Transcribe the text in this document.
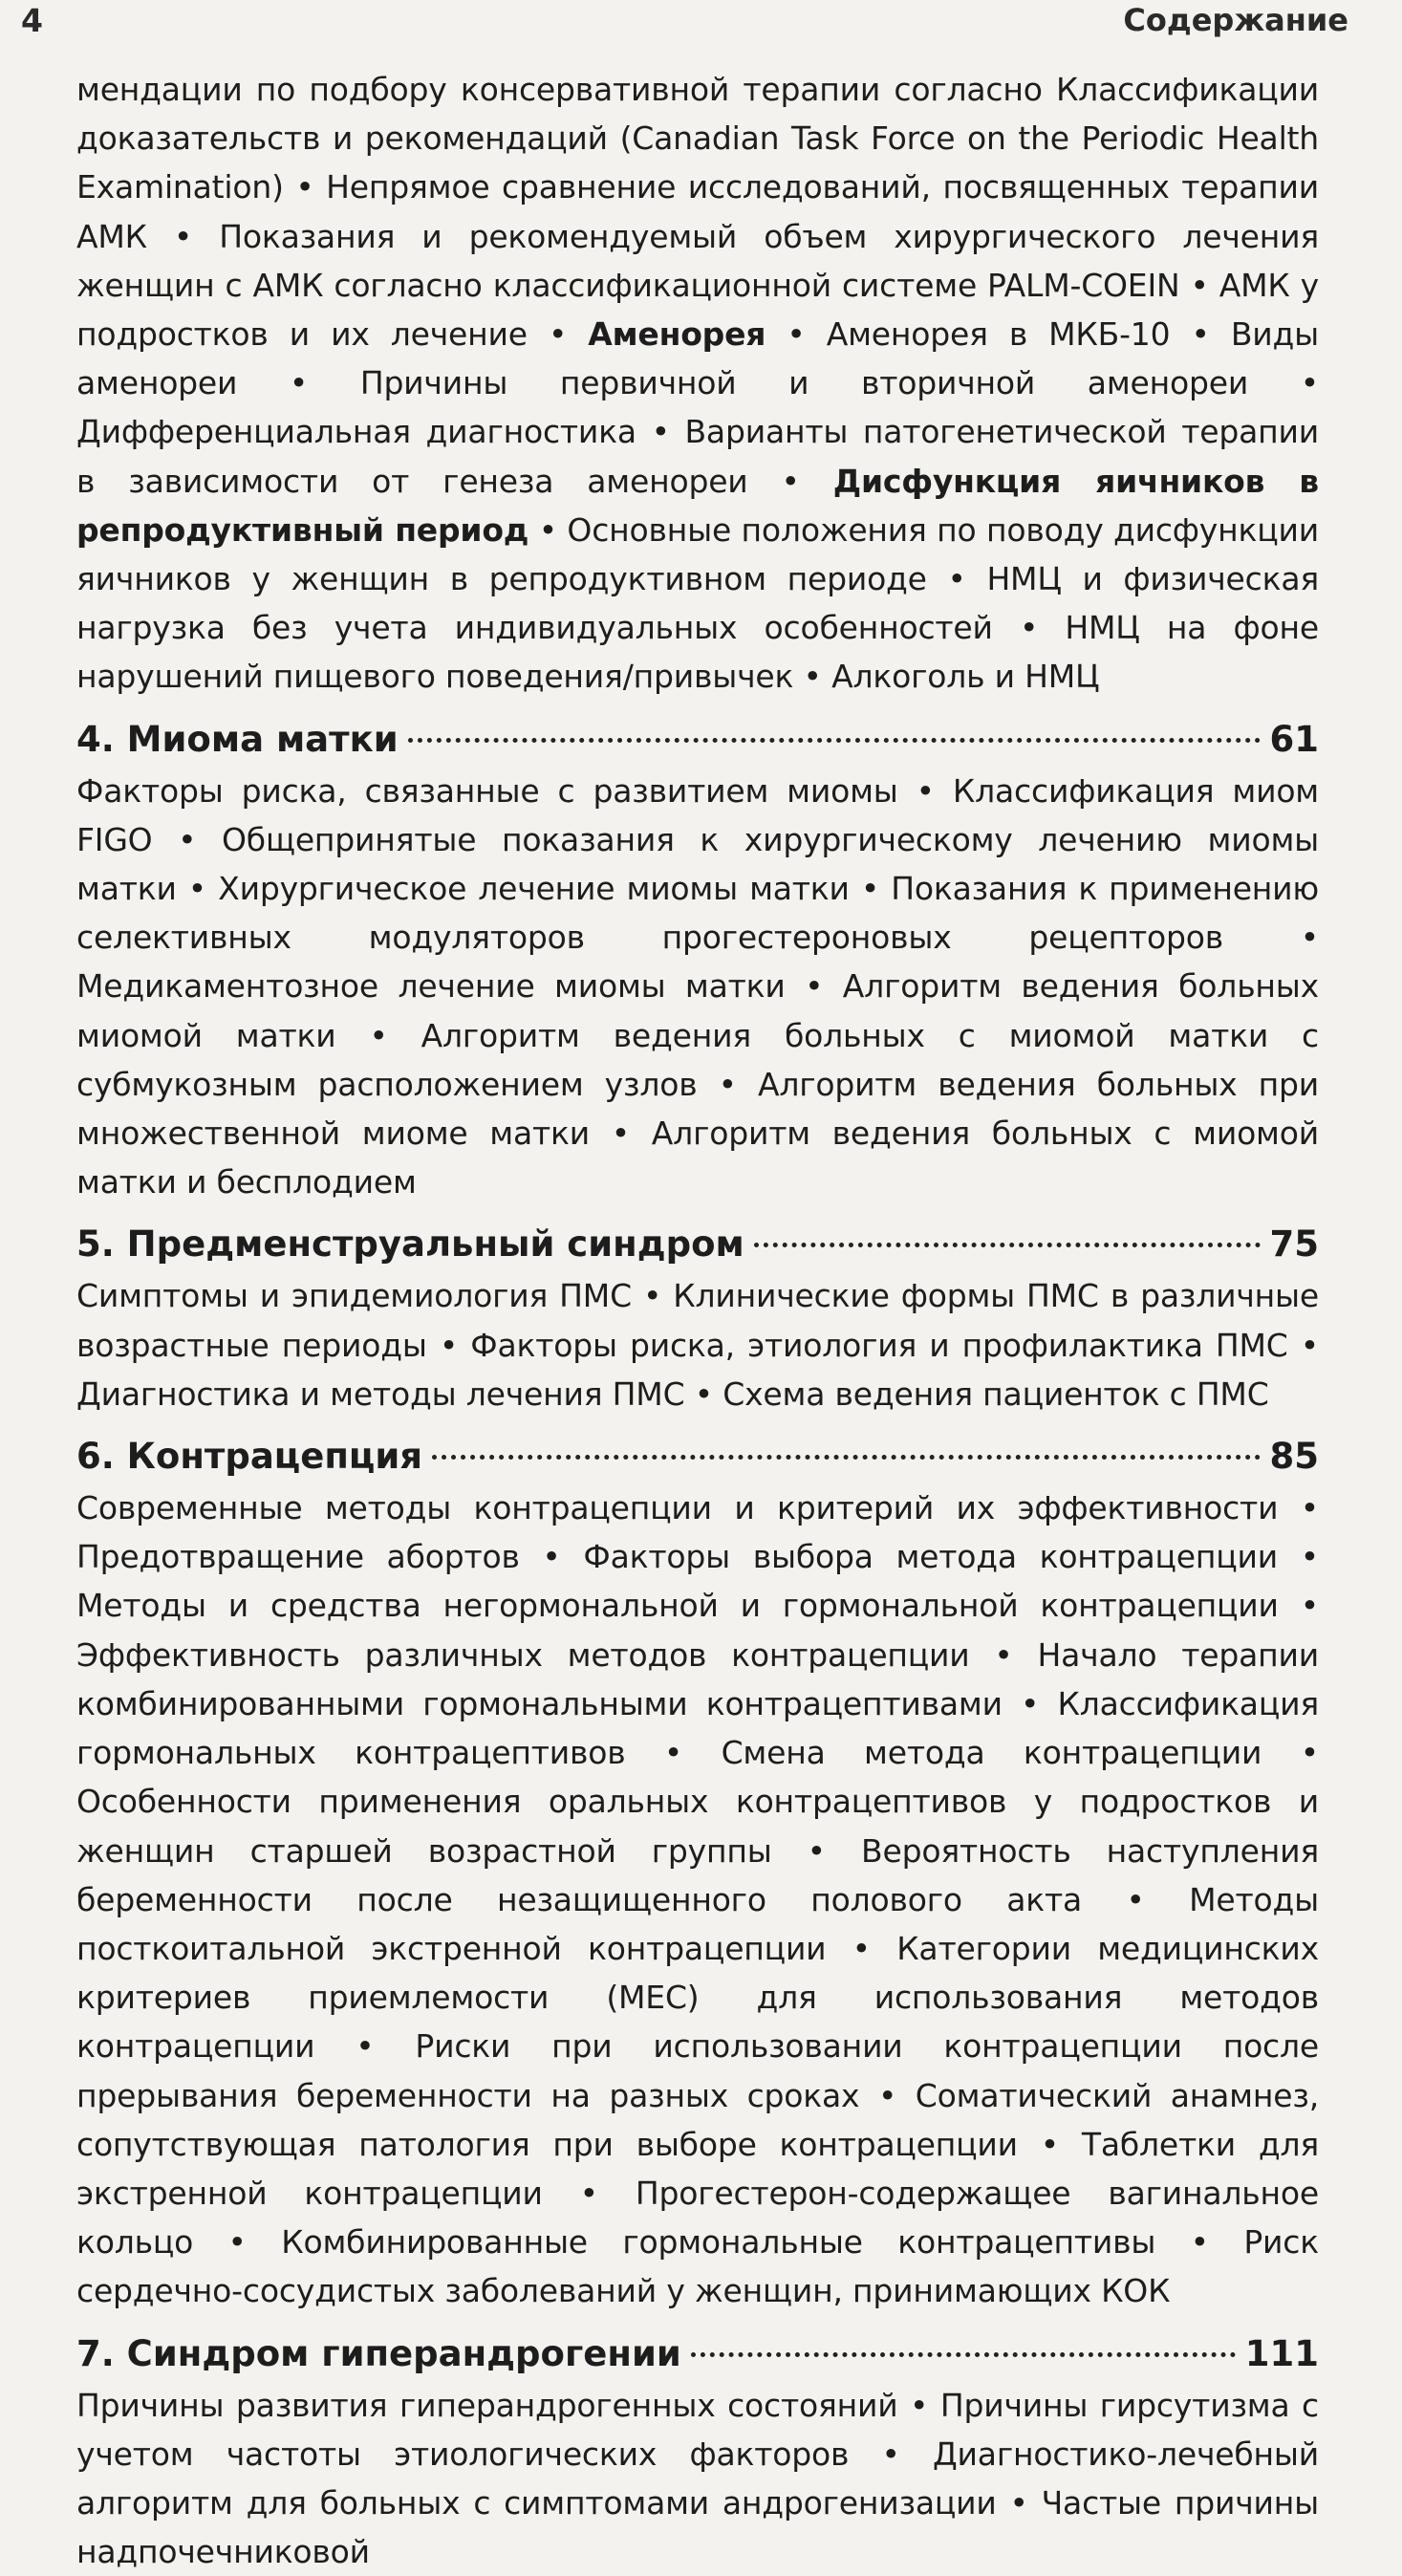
4	Содержание

мендации по подбору консервативной терапии согласно Классификации доказательств и рекомендаций (Canadian Task Force on the Periodic Health Examination) • Непрямое сравнение исследований, посвященных терапии АМК • Показания и рекомендуемый объем хирургического лечения женщин с АМК согласно классификационной системе PALM-COEIN • АМК у подростков и их лечение • Аменорея • Аменорея в МКБ-10 • Виды аменореи • Причины первичной и вторичной аменореи • Дифференциальная диагностика • Варианты патогенетической терапии в зависимости от генеза аменореи • Дисфункция яичников в репродуктивный период • Основные положения по поводу дисфункции яичников у женщин в репродуктивном периоде • НМЦ и физическая нагрузка без учета индивидуальных особенностей • НМЦ на фоне нарушений пищевого поведения/привычек • Алкоголь и НМЦ

4. Миома матки	61

Факторы риска, связанные с развитием миомы • Классификация миом FIGO • Общепринятые показания к хирургическому лечению миомы матки • Хирургическое лечение миомы матки • Показания к применению селективных модуляторов прогестероновых рецепторов • Медикаментозное лечение миомы матки • Алгоритм ведения больных миомой матки • Алгоритм ведения больных с миомой матки с субмукозным расположением узлов • Алгоритм ведения больных при множественной миоме матки • Алгоритм ведения больных с миомой матки и бесплодием

5. Предменструальный синдром	75

Симптомы и эпидемиология ПМС • Клинические формы ПМС в различные возрастные периоды • Факторы риска, этиология и профилактика ПМС • Диагностика и методы лечения ПМС • Схема ведения пациенток с ПМС

6. Контрацепция	85

Современные методы контрацепции и критерий их эффективности • Предотвращение абортов • Факторы выбора метода контрацепции • Методы и средства негормональной и гормональной контрацепции • Эффективность различных методов контрацепции • Начало терапии комбинированными гормональными контрацептивами • Классификация гормональных контрацептивов • Смена метода контрацепции • Особенности применения оральных контрацептивов у подростков и женщин старшей возрастной группы • Вероятность наступления беременности после незащищенного полового акта • Методы посткоитальной экстренной контрацепции • Категории медицинских критериев приемлемости (MEC) для использования методов контрацепции • Риски при использовании контрацепции после прерывания беременности на разных сроках • Соматический анамнез, сопутствующая патология при выборе контрацепции • Таблетки для экстренной контрацепции • Прогестерон-содержащее вагинальное кольцо • Комбинированные гормональные контрацептивы • Риск сердечно-сосудистых заболеваний у женщин, принимающих КОК

7. Синдром гиперандрогении	111

Причины развития гиперандрогенных состояний • Причины гирсутизма с учетом частоты этиологических факторов • Диагностико-лечебный алгоритм для больных с симптомами андрогенизации • Частые причины надпочечниковой
